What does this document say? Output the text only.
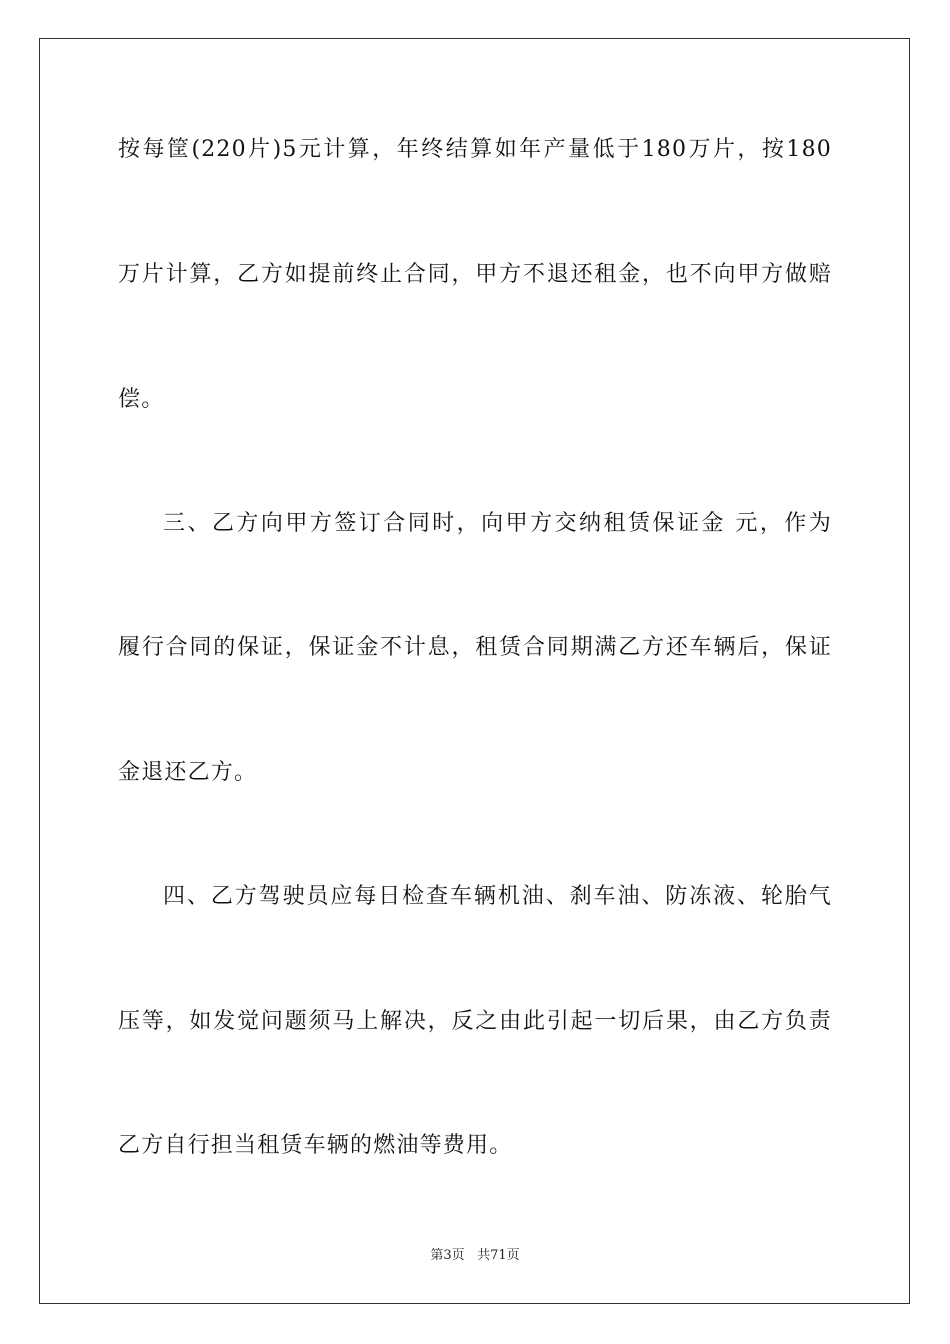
按每筐(220片)5元计算，年终结算如年产量低于180万片，按180
万片计算，乙方如提前终止合同，甲方不退还租金，也不向甲方做赔
偿。
三、乙方向甲方签订合同时，向甲方交纳租赁保证金 元，作为
履行合同的保证，保证金不计息，租赁合同期满乙方还车辆后，保证
金退还乙方。
四、乙方驾驶员应每日检查车辆机油、刹车油、防冻液、轮胎气
压等，如发觉问题须马上解决，反之由此引起一切后果，由乙方负责
乙方自行担当租赁车辆的燃油等费用。
第3页 共71页
